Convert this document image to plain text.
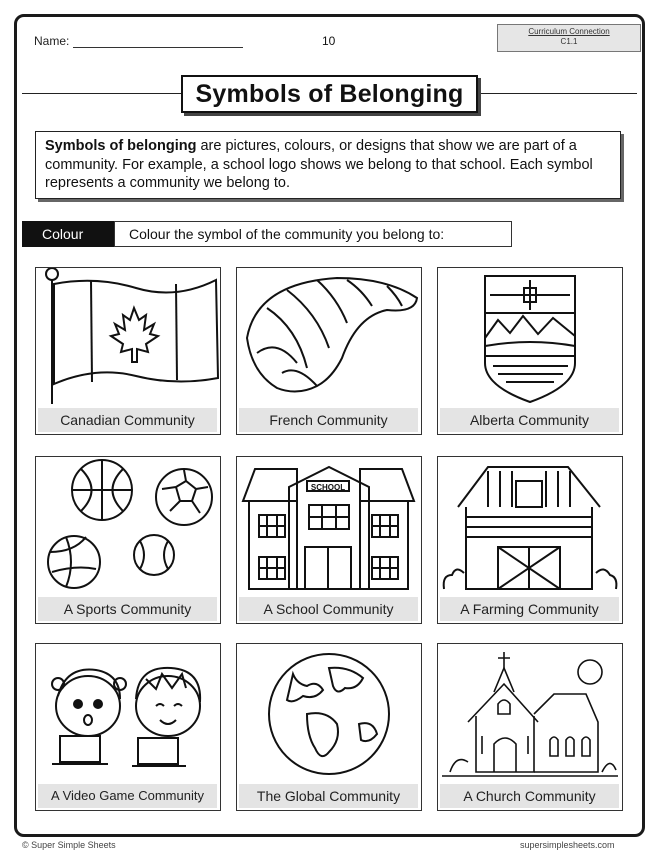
Name:	10
Curriculum Connection
C1.1
Symbols of Belonging
Symbols of belonging are pictures, colours, or designs that show we are part of a community. For example, a school logo shows we belong to that school. Each symbol represents a community we belong to.
Colour	Colour the symbol of the community you belong to:
Canadian Community	French Community	Alberta Community
A Sports Community
SCHOOL
A School Community	A Farming Community
A Video Game Community	The Global Community	A Church Community
© Super Simple Sheets	supersimplesheets.com
